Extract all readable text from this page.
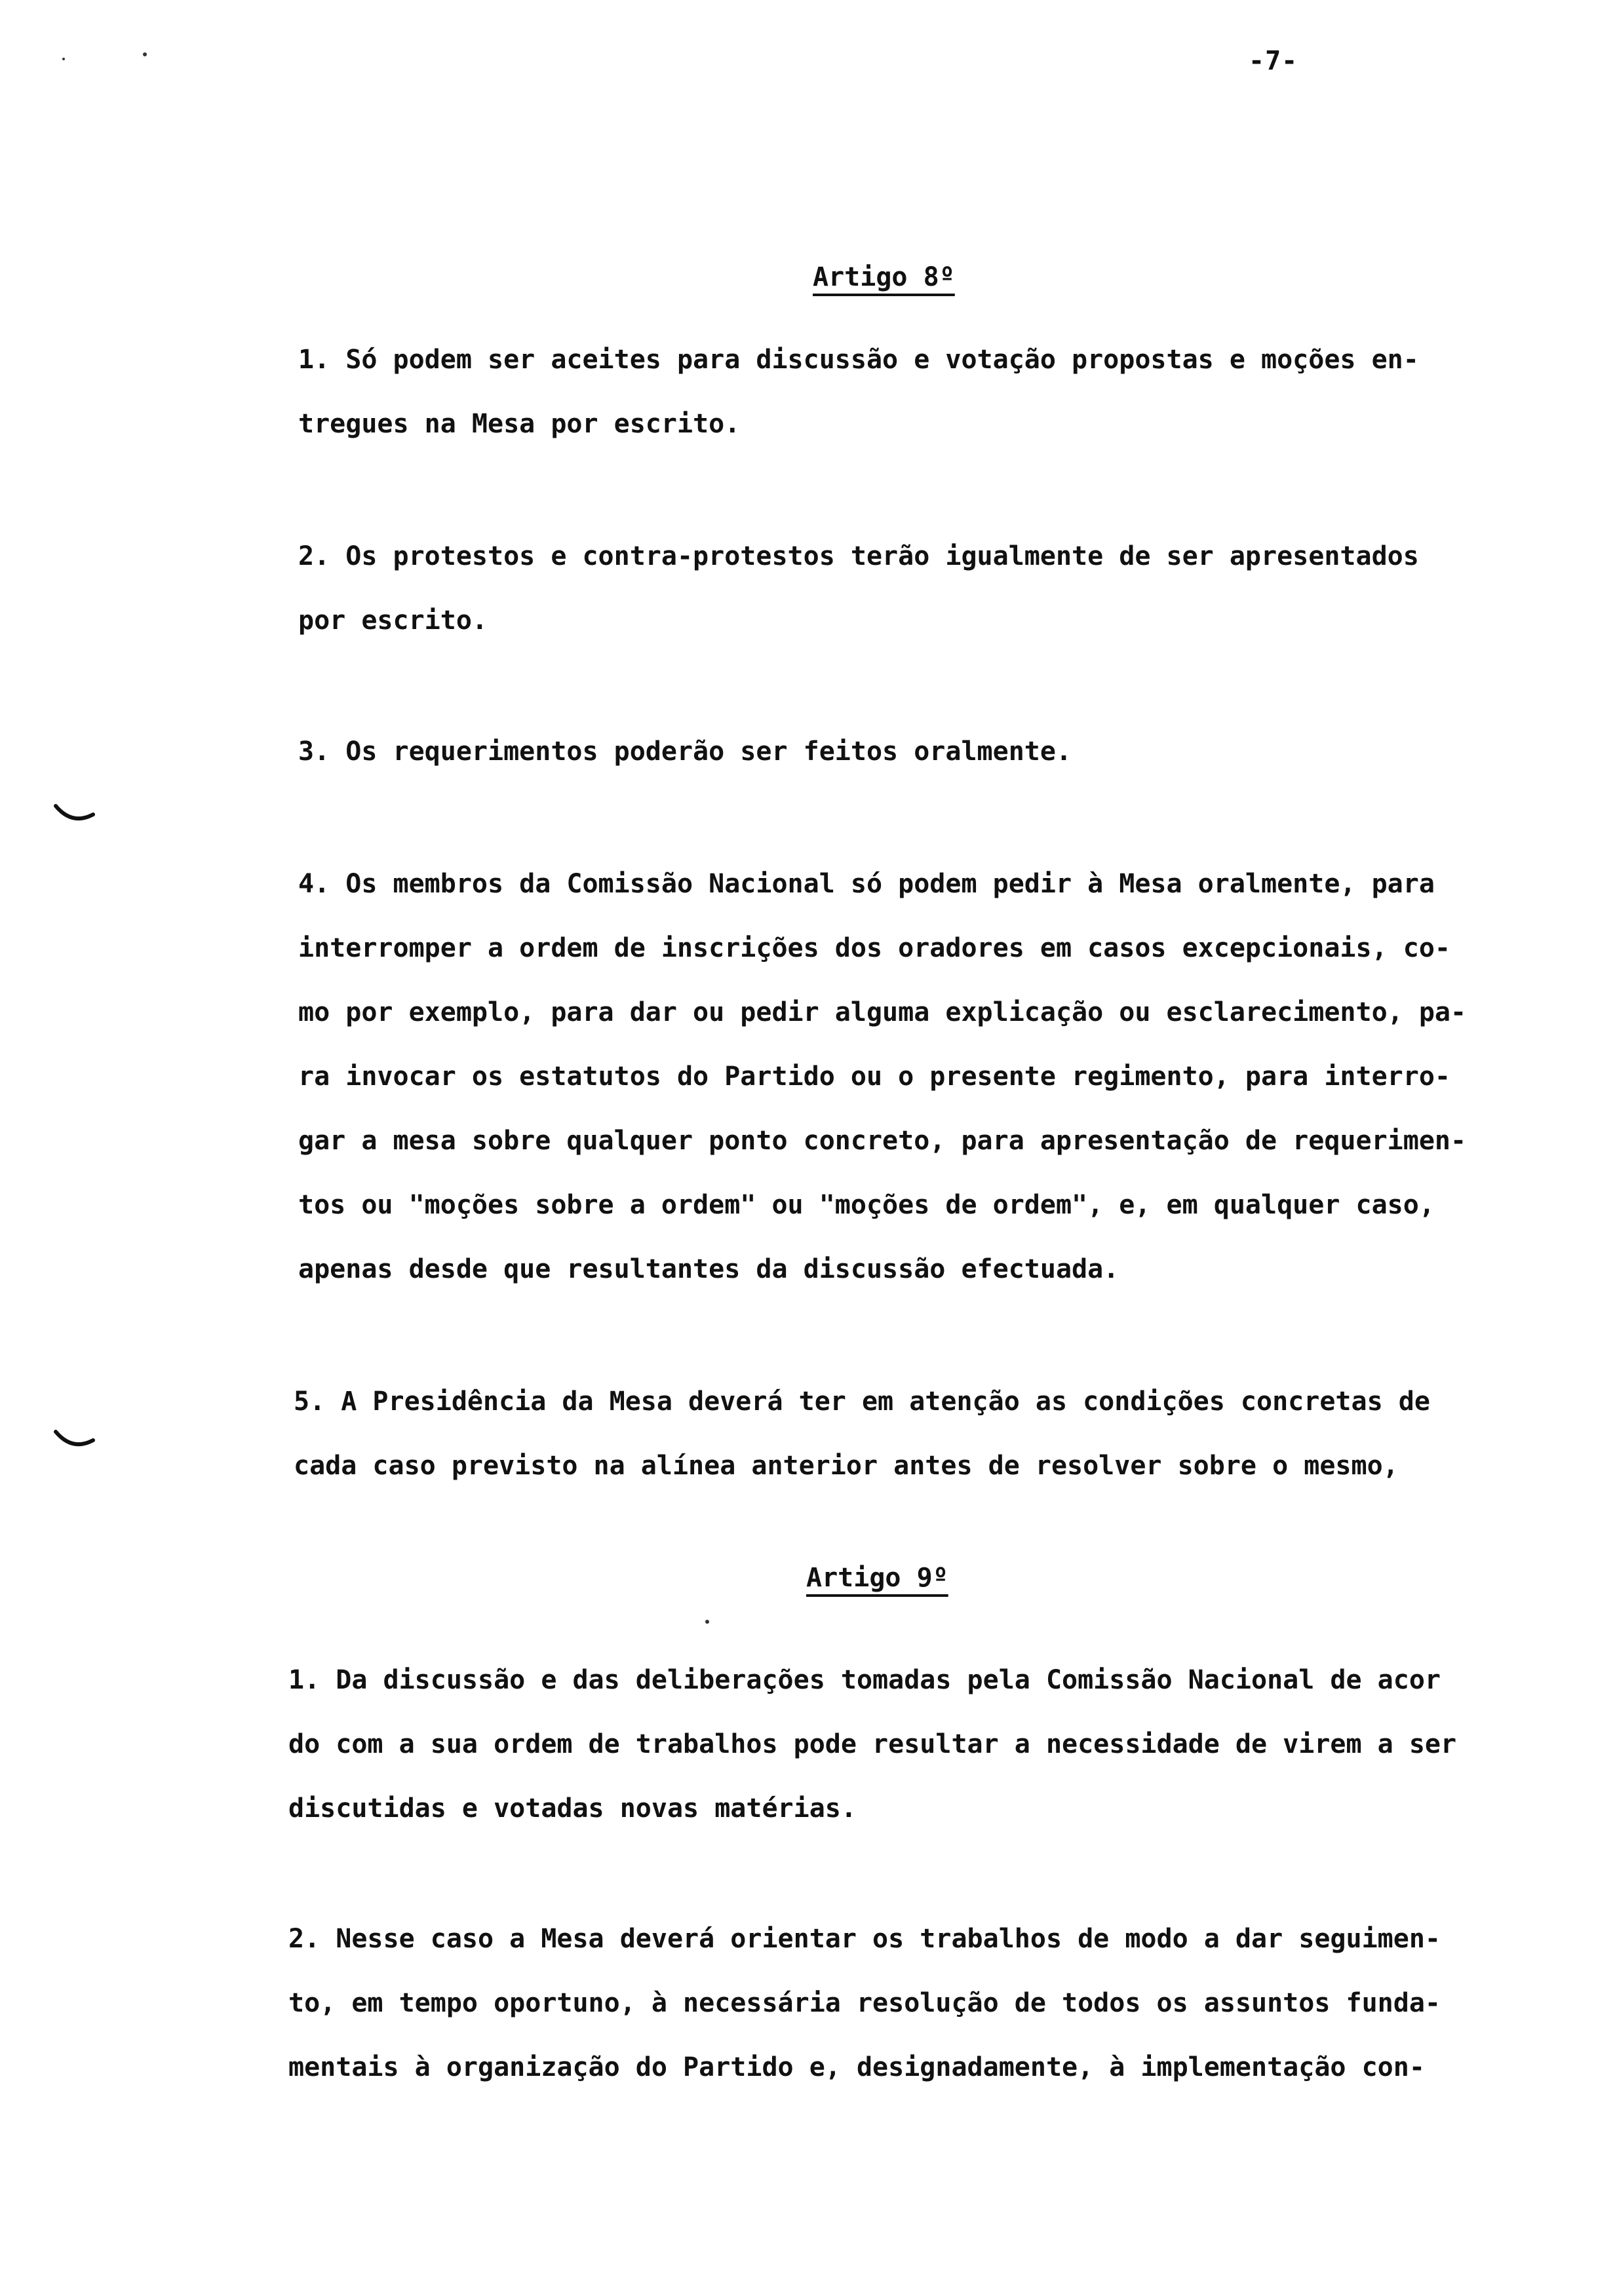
-7-
Artigo 8º
1. Só podem ser aceites para discussão e votação propostas e moções en-
tregues na Mesa por escrito.
2. Os protestos e contra-protestos terão igualmente de ser apresentados
por escrito.
3. Os requerimentos poderão ser feitos oralmente.
4. Os membros da Comissão Nacional só podem pedir à Mesa oralmente, para
interromper a ordem de inscrições dos oradores em casos excepcionais, co-
mo por exemplo, para dar ou pedir alguma explicação ou esclarecimento, pa-
ra invocar os estatutos do Partido ou o presente regimento, para interro-
gar a mesa sobre qualquer ponto concreto, para apresentação de requerimen-
tos ou "moções sobre a ordem" ou "moções de ordem", e, em qualquer caso,
apenas desde que resultantes da discussão efectuada.
5. A Presidência da Mesa deverá ter em atenção as condições concretas de
cada caso previsto na alínea anterior antes de resolver sobre o mesmo,
Artigo 9º
1. Da discussão e das deliberações tomadas pela Comissão Nacional de acor
do com a sua ordem de trabalhos pode resultar a necessidade de virem a ser
discutidas e votadas novas matérias.
2. Nesse caso a Mesa deverá orientar os trabalhos de modo a dar seguimen-
to, em tempo oportuno, à necessária resolução de todos os assuntos funda-
mentais à organização do Partido e, designadamente, à implementação con-
